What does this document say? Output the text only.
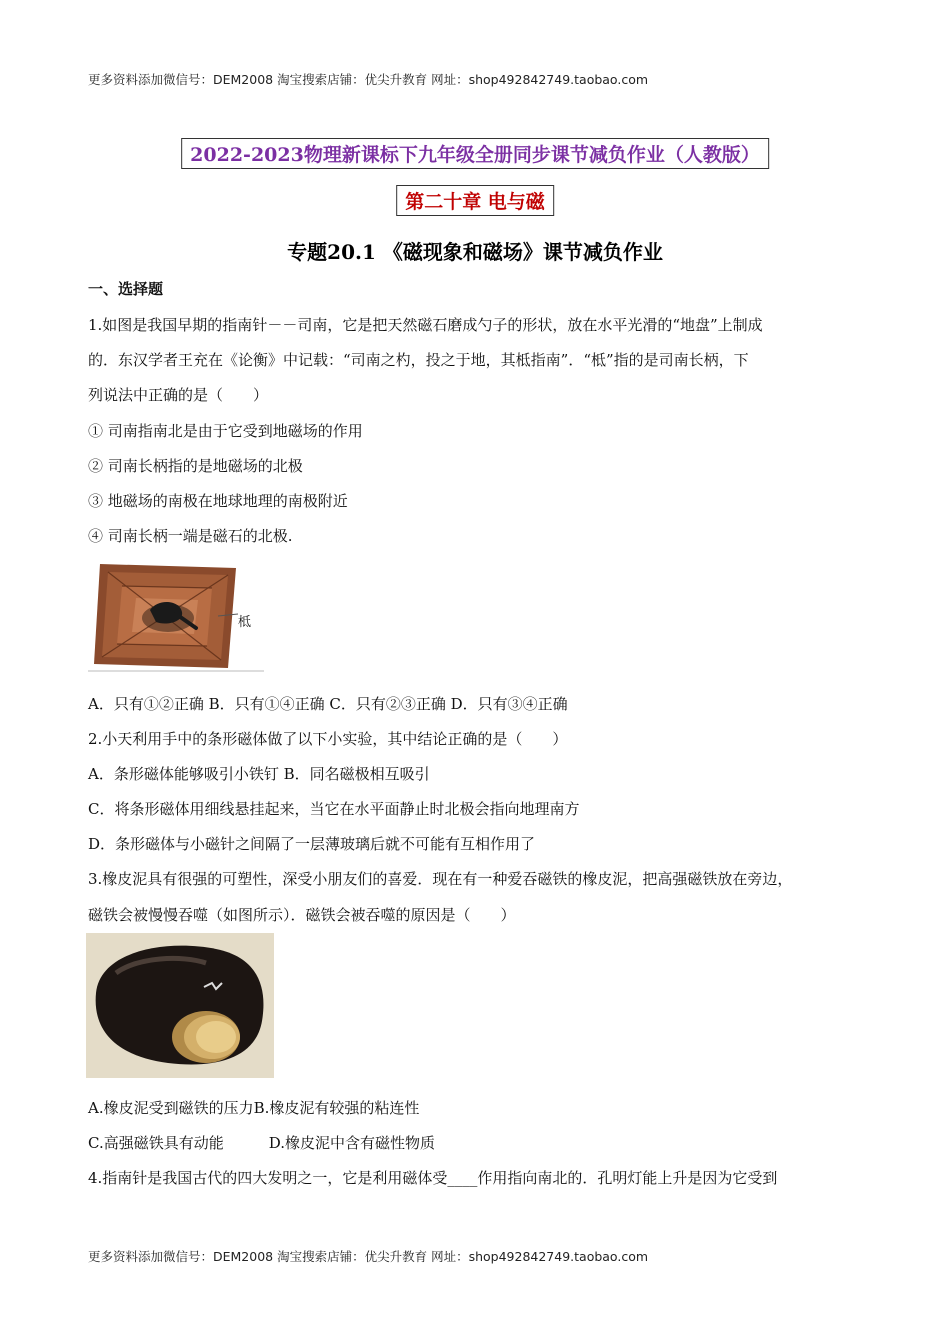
更多资料添加微信号：DEM2008 淘宝搜索店铺：优尖升教育 网址：shop492842749.taobao.com
2022-2023物理新课标下九年级全册同步课节减负作业（人教版）
第二十章 电与磁
专题20.1 《磁现象和磁场》课节减负作业
一、选择题
1.如图是我国早期的指南针－－司南，它是把天然磁石磨成勺子的形状，放在水平光滑的“地盘”上制成
的．东汉学者王充在《论衡》中记载：“司南之杓，投之于地，其柢指南”．“柢”指的是司南长柄，下
列说法中正确的是（　　）
① 司南指南北是由于它受到地磁场的作用
② 司南长柄指的是地磁场的北极
③ 地磁场的南极在地球地理的南极附近
④ 司南长柄一端是磁石的北极.
柢
A．只有①②正确 B．只有①④正确 C．只有②③正确 D．只有③④正确
2.小天利用手中的条形磁体做了以下小实验，其中结论正确的是（　　）
A．条形磁体能够吸引小铁钉 B．同名磁极相互吸引
C．将条形磁体用细线悬挂起来，当它在水平面静止时北极会指向地理南方
D．条形磁体与小磁针之间隔了一层薄玻璃后就不可能有互相作用了
3.橡皮泥具有很强的可塑性，深受小朋友们的喜爱．现在有一种爱吞磁铁的橡皮泥，把高强磁铁放在旁边，
磁铁会被慢慢吞噬（如图所示）．磁铁会被吞噬的原因是（　　）
A.橡皮泥受到磁铁的压力B.橡皮泥有较强的粘连性
C.高强磁铁具有动能　　　D.橡皮泥中含有磁性物质
4.指南针是我国古代的四大发明之一，它是利用磁体受____作用指向南北的．孔明灯能上升是因为它受到
更多资料添加微信号：DEM2008 淘宝搜索店铺：优尖升教育 网址：shop492842749.taobao.com
